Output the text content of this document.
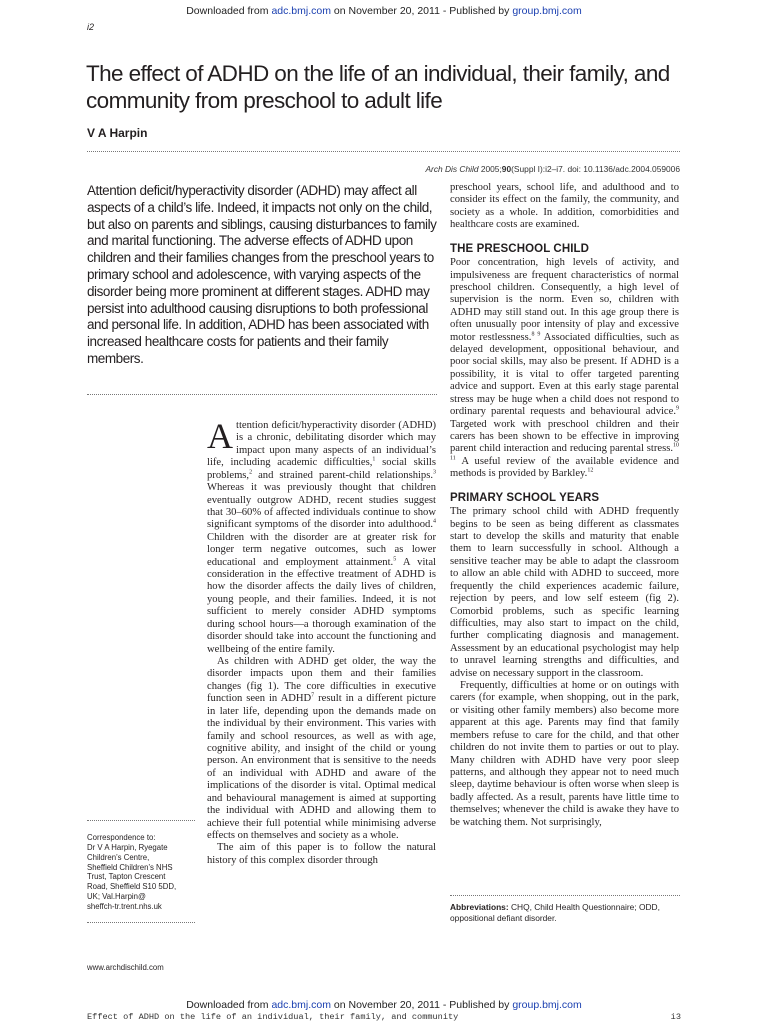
Downloaded from adc.bmj.com on November 20, 2011 - Published by group.bmj.com
i2
The effect of ADHD on the life of an individual, their family, and community from preschool to adult life
V A Harpin
Arch Dis Child 2005;90(Suppl I):i2–i7. doi: 10.1136/adc.2004.059006
Attention deficit/hyperactivity disorder (ADHD) may affect all aspects of a child’s life. Indeed, it impacts not only on the child, but also on parents and siblings, causing disturbances to family and marital functioning. The adverse effects of ADHD upon children and their families changes from the preschool years to primary school and adolescence, with varying aspects of the disorder being more prominent at different stages. ADHD may persist into adulthood causing disruptions to both professional and personal life. In addition, ADHD has been associated with increased healthcare costs for patients and their family members.
Correspondence to:
Dr V A Harpin, Ryegate
Children’s Centre,
Sheffield Children’s NHS
Trust, Tapton Crescent
Road, Sheffield S10 5DD,
UK; Val.Harpin@
sheffch-tr.trent.nhs.uk
www.archdischild.com

Attention deficit/hyperactivity disorder (ADHD) is a chronic, debilitating disorder which may impact upon many aspects of an individual’s life, including academic difficulties,$^1$ social skills problems,$^2$ and strained parent-child relationships.$^3$ Whereas it was previously thought that children eventually outgrow ADHD, recent studies suggest that 30–60% of affected individuals continue to show significant symptoms of the disorder into adulthood.$^4$ Children with the disorder are at greater risk for longer term negative outcomes, such as lower educational and employment attainment.$^5$ A vital consideration in the effective treatment of ADHD is how the disorder affects the daily lives of children, young people, and their families. Indeed, it is not sufficient to merely consider ADHD symptoms during school hours—a thorough examination of the disorder should take into account the functioning and wellbeing of the entire family.

As children with ADHD get older, the way the disorder impacts upon them and their families changes (fig 1). The core difficulties in executive function seen in ADHD$^7$ result in a different picture in later life, depending upon the demands made on the individual by their environment. This varies with family and school resources, as well as with age, cognitive ability, and insight of the child or young person. An environment that is sensitive to the needs of an individual with ADHD and aware of the implications of the disorder is vital. Optimal medical and behavioural management is aimed at supporting the individual with ADHD and allowing them to achieve their full potential while minimising adverse effects on themselves and society as a whole.

The aim of this paper is to follow the natural history of this complex disorder through

preschool years, school life, and adulthood and to consider its effect on the family, the community, and society as a whole. In addition, comorbidities and healthcare costs are examined.

THE PRESCHOOL CHILD

Poor concentration, high levels of activity, and impulsiveness are frequent characteristics of normal preschool children. Consequently, a high level of supervision is the norm. Even so, children with ADHD may still stand out. In this age group there is often unusually poor intensity of play and excessive motor restlessness.$^{8 9}$ Associated difficulties, such as delayed development, oppositional behaviour, and poor social skills, may also be present. If ADHD is a possibility, it is vital to offer targeted parenting advice and support. Even at this early stage parental stress may be huge when a child does not respond to ordinary parental requests and behavioural advice.$^9$ Targeted work with preschool children and their carers has been shown to be effective in improving parent child interaction and reducing parental stress.$^{10 11}$ A useful review of the available evidence and methods is provided by Barkley.$^{12}$

PRIMARY SCHOOL YEARS

The primary school child with ADHD frequently begins to be seen as being different as classmates start to develop the skills and maturity that enable them to learn successfully in school. Although a sensitive teacher may be able to adapt the classroom to allow an able child with ADHD to succeed, more frequently the child experiences academic failure, rejection by peers, and low self esteem (fig 2). Comorbid problems, such as specific learning difficulties, may also start to impact on the child, further complicating diagnosis and management. Assessment by an educational psychologist may help to unravel learning strengths and difficulties, and advise on necessary support in the classroom.

Frequently, difficulties at home or on outings with carers (for example, when shopping, out in the park, or visiting other family members) also become more apparent at this age. Parents may find that family members refuse to care for the child, and that other children do not invite them to parties or out to play. Many children with ADHD have very poor sleep patterns, and although they appear not to need much sleep, daytime behaviour is often worse when sleep is badly affected. As a result, parents have little time to themselves; whenever the child is awake they have to be watching them. Not surprisingly,

Abbreviations: CHQ, Child Health Questionnaire; ODD, oppositional defiant disorder.
Downloaded from adc.bmj.com on November 20, 2011 - Published by group.bmj.com
Effect of ADHD on the life of an individual, their family, and community	i3
